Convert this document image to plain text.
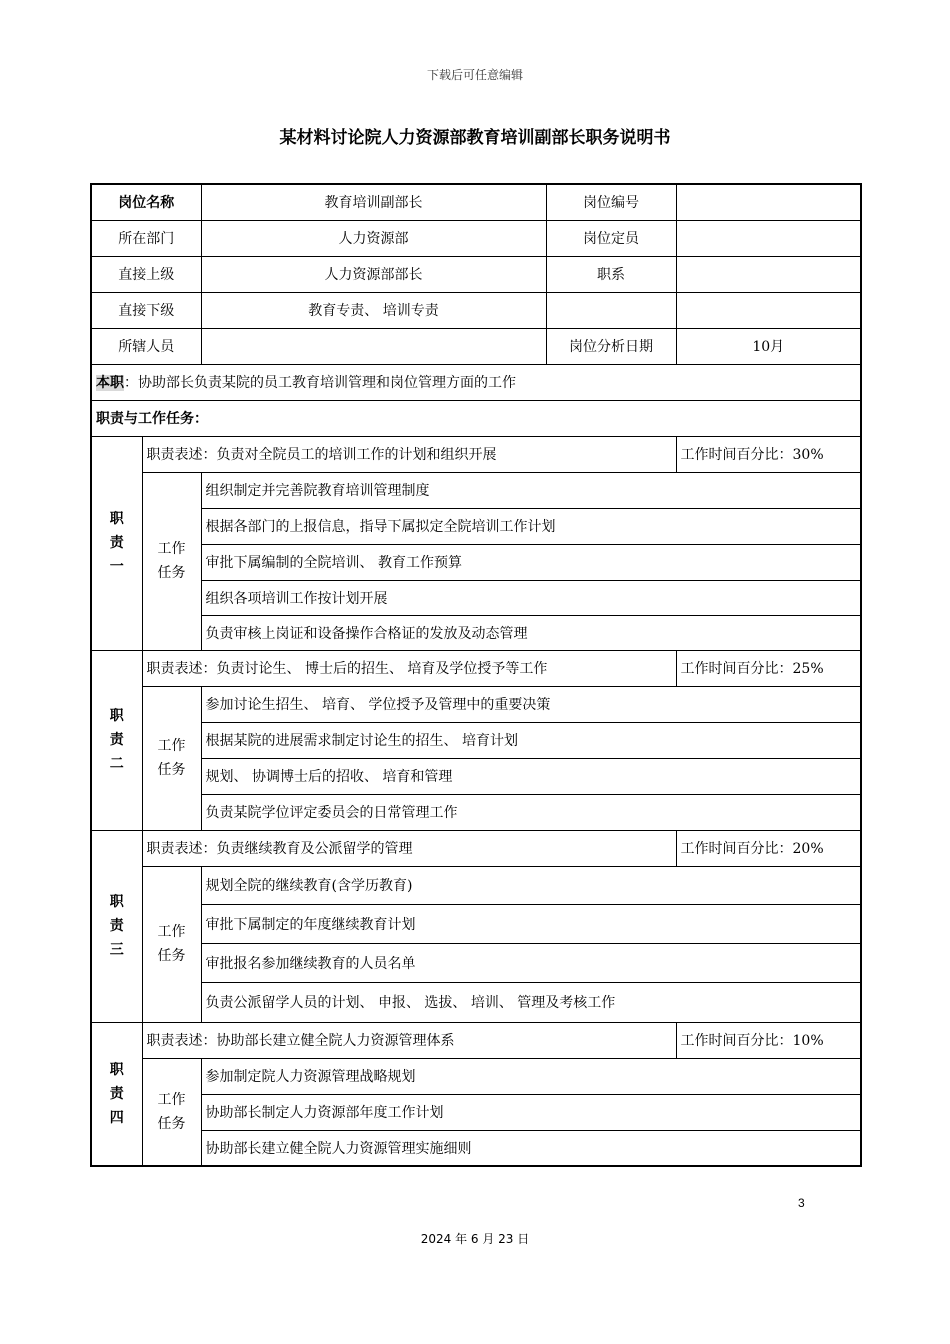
下载后可任意编辑
某材料讨论院人力资源部教育培训副部长职务说明书
岗位名称		教育培训副部长	岗位编号	
所在部门		人力资源部	岗位定员	
直接上级		人力资源部部长	职系	
直接下级		教育专责、 培训专责		
所辖人员			岗位分析日期	10月
本职：协助部长负责某院的员工教育培训管理和岗位管理方面的工作				
职责与工作任务：				

职
责
一	职责表述：负责对全院员工的培训工作的计划和组织开展			工作时间百分比：30%

	工作
任务	组织制定并完善院教育培训管理制度		
		根据各部门的上报信息，指导下属拟定全院培训工作计划		
		审批下属编制的全院培训、 教育工作预算		
		组织各项培训工作按计划开展		
		负责审核上岗证和设备操作合格证的发放及动态管理		

职
责
二	职责表述：负责讨论生、 博士后的招生、 培育及学位授予等工作			工作时间百分比：25%

	工作
任务	参加讨论生招生、 培育、 学位授予及管理中的重要决策		
		根据某院的进展需求制定讨论生的招生、 培育计划		
		规划、 协调博士后的招收、 培育和管理		
		负责某院学位评定委员会的日常管理工作		

职
责
三	职责表述：负责继续教育及公派留学的管理			工作时间百分比：20%

	工作
任务	规划全院的继续教育(含学历教育)		
		审批下属制定的年度继续教育计划		
		审批报名参加继续教育的人员名单		
		负责公派留学人员的计划、 申报、 选拔、 培训、 管理及考核工作		

职
责
四	职责表述：协助部长建立健全院人力资源管理体系			工作时间百分比：10%

	工作
任务	参加制定院人力资源管理战略规划		
		协助部长制定人力资源部年度工作计划		
		协助部长建立健全院人力资源管理实施细则		
3
2024 年 6 月 23 日
